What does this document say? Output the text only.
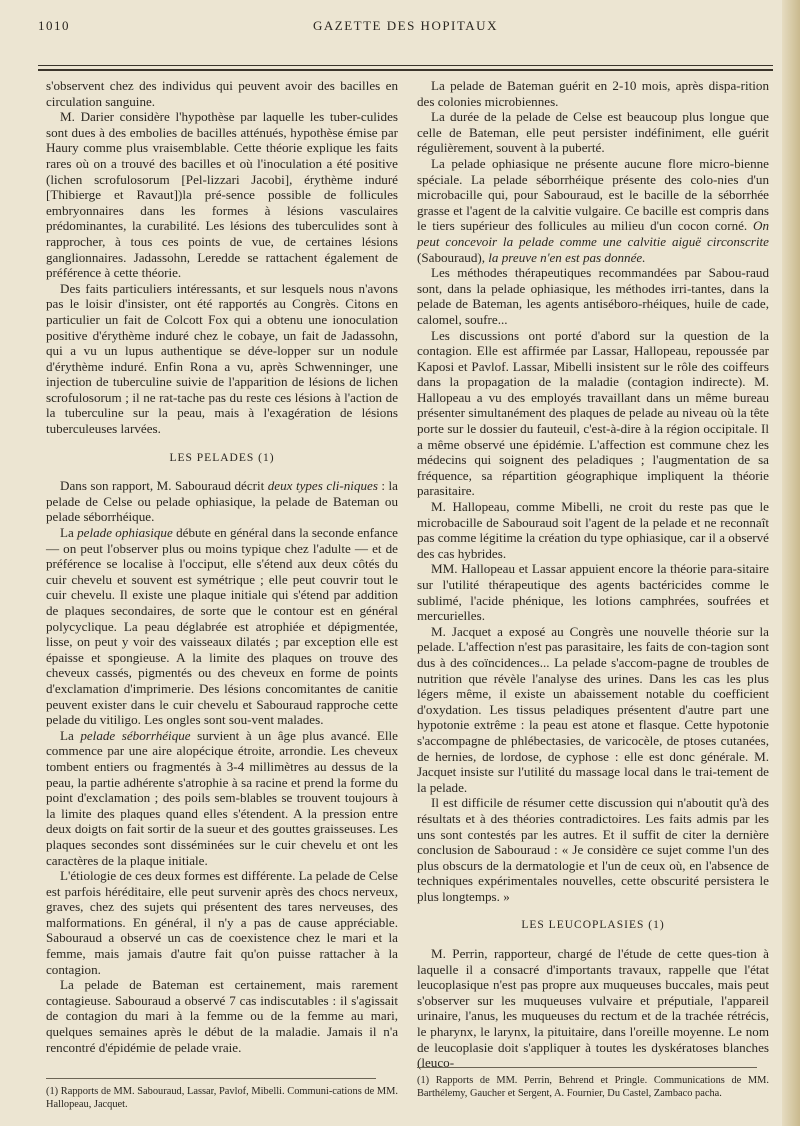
1010	GAZETTE DES HOPITAUX

s'observent chez des individus qui peuvent avoir des bacilles en circulation sanguine.

M. Darier considère l'hypothèse par laquelle les tuber-culides sont dues à des embolies de bacilles atténués, hypothèse émise par Haury comme plus vraisemblable. Cette théorie explique les faits rares où on a trouvé des bacilles et où l'inoculation a été positive (lichen scrofulosorum [Pel-lizzari Jacobi], érythème induré [Thibierge et Ravaut])la pré-sence possible de follicules embryonnaires dans les formes à lésions vasculaires prédominantes, la curabilité. Les lésions des tuberculides sont à rapprocher, à tous ces points de vue, de certaines lésions ganglionnaires. Jadassohn, Leredde se rattachent également de préférence à cette théorie.

Des faits particuliers intéressants, et sur lesquels nous n'avons pas le loisir d'insister, ont été rapportés au Congrès. Citons en particulier un fait de Colcott Fox qui a obtenu une ionoculation positive d'érythème induré chez le cobaye, un fait de Jadassohn, qui a vu un lupus authentique se déve-lopper sur un nodule d'érythème induré. Enfin Rona a vu, après Schwenninger, une injection de tuberculine suivie de l'apparition de lésions de lichen scrofulosorum ; il ne rat-tache pas du reste ces lésions à l'action de la tuberculine sur la peau, mais à l'exagération de lésions tuberculeuses larvées.

LES PELADES (1)

Dans son rapport, M. Sabouraud décrit deux types cli-niques : la pelade de Celse ou pelade ophiasique, la pelade de Bateman ou pelade séborrhéique.

La pelade ophiasique débute en général dans la seconde enfance — on peut l'observer plus ou moins typique chez l'adulte — et de préférence se localise à l'occiput, elle s'étend aux deux côtés du cuir chevelu et souvent est symétrique ; elle peut couvrir tout le cuir chevelu. Il existe une plaque initiale qui s'étend par addition de plaques secondaires, de sorte que le contour est en général polycyclique. La peau déglabrée est atrophiée et dépigmentée, lisse, on peut y voir des vaisseaux dilatés ; par exception elle est épaisse et spongieuse. A la limite des plaques on trouve des cheveux cassés, pigmentés ou des cheveux en forme de points d'exclamation d'imprimerie. Des lésions concomitantes de canitie peuvent exister dans le cuir chevelu et Sabouraud rapproche cette pelade du vitiligo. Les ongles sont sou-vent malades.

La pelade séborrhéique survient à un âge plus avancé. Elle commence par une aire alopécique étroite, arrondie. Les cheveux tombent entiers ou fragmentés à 3-4 millimètres au dessus de la peau, la partie adhérente s'atrophie à sa racine et prend la forme du point d'exclamation ; des poils sem-blables se trouvent toujours à la limite des plaques quand elles s'étendent. A la pression entre deux doigts on fait sortir de la sueur et des gouttes graisseuses. Les plaques secondes sont disséminées sur le cuir chevelu et ont les caractères de la plaque initiale.

L'étiologie de ces deux formes est différente. La pelade de Celse est parfois héréditaire, elle peut survenir après des chocs nerveux, graves, chez des sujets qui présentent des tares nerveuses, des malformations. En général, il n'y a pas de cause appréciable. Sabouraud a observé un cas de coexistence chez le mari et la femme, mais jamais d'autre fait qu'on puisse rattacher à la contagion.

La pelade de Bateman est certainement, mais rarement contagieuse. Sabouraud a observé 7 cas indiscutables : il s'agissait de contagion du mari à la femme ou de la femme au mari, quelques semaines après le début de la maladie. Jamais il n'a rencontré d'épidémie de pelade vraie.

(1) Rapports de MM. Sabouraud, Lassar, Pavlof, Mibelli. Communi-cations de MM. Hallopeau, Jacquet.

La pelade de Bateman guérit en 2-10 mois, après dispa-rition des colonies microbiennes.

La durée de la pelade de Celse est beaucoup plus longue que celle de Bateman, elle peut persister indéfiniment, elle guérit régulièrement, souvent à la puberté.

La pelade ophiasique ne présente aucune flore micro-bienne spéciale. La pelade séborrhéique présente des colo-nies d'un microbacille qui, pour Sabouraud, est le bacille de la séborrhée grasse et l'agent de la calvitie vulgaire. Ce bacille est compris dans le tiers supérieur des follicules au milieu d'un cocon corné. On peut concevoir la pelade comme une calvitie aiguë circonscrite (Sabouraud), la preuve n'en est pas donnée.

Les méthodes thérapeutiques recommandées par Sabou-raud sont, dans la pelade ophiasique, les méthodes irri-tantes, dans la pelade de Bateman, les agents antiséboro-rhéiques, huile de cade, calomel, soufre...

Les discussions ont porté d'abord sur la question de la contagion. Elle est affirmée par Lassar, Hallopeau, repoussée par Kaposi et Pavlof. Lassar, Mibelli insistent sur le rôle des coiffeurs dans la propagation de la maladie (contagion indirecte). M. Hallopeau a vu des employés travaillant dans un même bureau présenter simultanément des plaques de pelade au niveau où la tête porte sur le dossier du fauteuil, c'est-à-dire à la région occipitale. Il a même observé une épidémie. L'affection est commune chez les médecins qui soignent des peladiques ; l'augmentation de sa fréquence, sa répartition géographique impliquent la théorie parasitaire.

M. Hallopeau, comme Mibelli, ne croit du reste pas que le microbacille de Sabouraud soit l'agent de la pelade et ne reconnaît pas comme légitime la création du type ophiasique, car il a observé des cas hybrides.

MM. Hallopeau et Lassar appuient encore la théorie para-sitaire sur l'utilité thérapeutique des agents bactéricides comme le sublimé, l'acide phénique, les lotions camphrées, soufrées et mercurielles.

M. Jacquet a exposé au Congrès une nouvelle théorie sur la pelade. L'affection n'est pas parasitaire, les faits de con-tagion sont dus à des coïncidences... La pelade s'accom-pagne de troubles de nutrition que révèle l'analyse des urines. Dans les cas les plus légers même, il existe un abaissement notable du coefficient d'oxydation. Les tissus peladiques présentent d'autre part une hypotonie extrême : la peau est atone et flasque. Cette hypotonie s'accompagne de phlébectasies, de varicocèle, de ptoses cutanées, de hernies, de lordose, de cyphose : elle est donc générale. M. Jacquet insiste sur l'utilité du massage local dans le trai-tement de la pelade.

Il est difficile de résumer cette discussion qui n'aboutit qu'à des résultats et à des théories contradictoires. Les faits admis par les uns sont contestés par les autres. Et il suffit de citer la dernière conclusion de Sabouraud : « Je considère ce sujet comme l'un des plus obscurs de la dermatologie et l'un de ceux où, en l'absence de techniques expérimentales nouvelles, cette obscurité persistera le plus longtemps. »

LES LEUCOPLASIES (1)

M. Perrin, rapporteur, chargé de l'étude de cette ques-tion à laquelle il a consacré d'importants travaux, rappelle que l'état leucoplasique n'est pas propre aux muqueuses buccales, mais peut s'observer sur les muqueuses vulvaire et préputiale, l'appareil urinaire, l'anus, les muqueuses du rectum et de la trachée rétrécis, le pharynx, le larynx, la pituitaire, dans l'oreille moyenne. Le nom de leucoplasie doit s'appliquer à toutes les dyskératoses blanches (leuco-

(1) Rapports de MM. Perrin, Behrend et Pringle. Communications de MM. Barthélemy, Gaucher et Sergent, A. Fournier, Du Castel, Zambaco pacha.
